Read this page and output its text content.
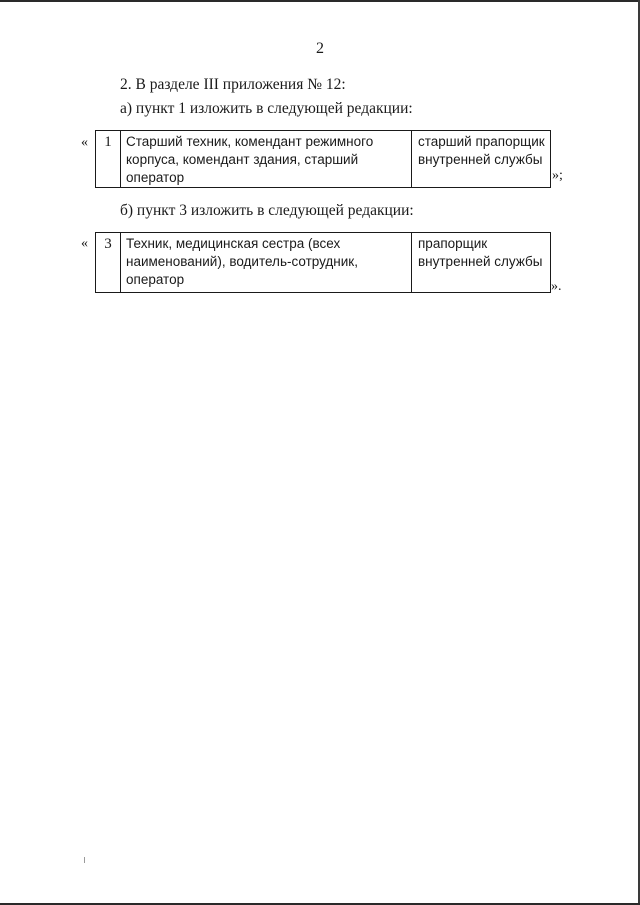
2
2. В разделе III приложения № 12:
а) пункт 1 изложить в следующей редакции:
« 1	Старший техник, комендант режимного корпуса, комендант здания, старший оператор	старший прапорщик внутренней службы
»;
б) пункт 3 изложить в следующей редакции:
« 3	Техник, медицинская сестра (всех наименований), водитель-сотрудник, оператор	прапорщик внутренней службы
».
